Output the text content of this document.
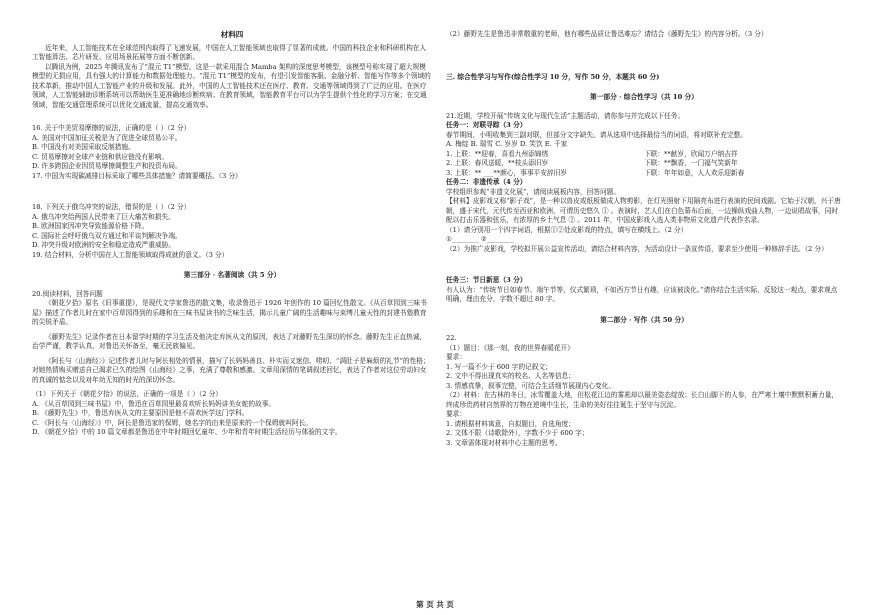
材料四

近年来，人工智能技术在全球范围内取得了飞速发展，中国在人工智能领域也取得了显著的成就。中国的科技企业和科研机构在人工智能算法、芯片研发、应用场景拓展等方面不断创新。

以腾讯为例，2025 年腾讯发布了“混元 T1”模型，这是一款采用混合 Mamba 架构的深度思考模型，该模型号称实现了超大规模模型的无损应用，具有强大的计算能力和数据处理能力。“混元 T1”模型的发布，有望引发智能客服、金融分析、智能写作等多个领域的技术革新，推动中国人工智能产业的升级和发展。此外，中国的人工智能技术还在医疗、教育、交通等领域得到了广泛的应用。在医疗领域，人工智能辅助诊断系统可以帮助医生更准确地诊断疾病；在教育领域，智能教育平台可以为学生提供个性化的学习方案；在交通领域，智能交通管理系统可以优化交通流量，提高交通效率。

16. 关于中美贸易摩擦的说法，正确的是（ ）（2 分）

A. 美国对中国加征关税是为了促进全球贸易公平。

B. 中国没有对美国采取反制措施。

C. 贸易摩擦对全球产业链和供应链没有影响。

D. 许多跨国企业因贸易摩擦调整生产和投资布局。

17. 中国为实现碳减排目标采取了哪些具体措施？请简要概括。（3 分）

18. 下列关于俄乌冲突的说法，错误的是（ ）（2 分）

A. 俄乌冲突给两国人民带来了巨大痛苦和损失。

B. 欧洲国家因冲突导致能源价格下降。

C. 国际社会呼吁俄乌双方通过和平谈判解决争端。

D. 冲突升级对欧洲的安全和稳定造成严重威胁。

19. 结合材料，分析中国在人工智能领域取得成就的意义。（3 分）

第三部分 · 名著阅读（共 5 分）

20.阅读材料，回答问题

《朝花夕拾》原名《旧事重提》，是现代文学家鲁迅的散文集，收录鲁迅于 1926 年创作的 10 篇回忆性散文。《从百草园到三味书屋》描述了作者儿时在家中百草园得到的乐趣和在三味书屋读书的乏味生活，揭示儿童广阔的生活趣味与束缚儿童天性的封建书塾教育的尖锐矛盾。

《藤野先生》记录作者在日本留学时期的学习生活及他决定弃医从文的原因，表达了对藤野先生深切的怀念。藤野先生正直热诚，治学严谨，教学认真，对鲁迅关怀备至，毫无民族偏见。

《阿长与〈山海经〉》记述作者儿时与阿长相处的情景，描写了长妈妈善良、朴实而又迷信、唠叨、“满肚子是麻烦的礼节”的性格；对她热情购买赠送自己渴求已久的绘图《山海经》之事，充满了尊敬和感激。文章用深情的笔调叙述回忆，表达了作者对这位劳动妇女的真诚的惦念以及对年幼无知的时光的深切怀念。

（1）下列关于《朝花夕拾》的说法，正确的一项是（ ）（2 分）

A. 《从百草园到三味书屋》中，鲁迅在百草园里最喜欢听长妈妈讲美女蛇的故事。

B. 《藤野先生》中，鲁迅弃医从文的主要原因是他不喜欢医学这门学科。

C. 《阿长与〈山海经〉》中，阿长是鲁迅家的保姆，她名字的由来是原来的一个保姆就叫阿长。

D. 《朝花夕拾》中的 10 篇文章都是鲁迅在中年时期回忆童年、少年和青年时期生活经历与体验的文字。

（2）藤野先生是鲁迅非常敬重的老师，他有哪些品质让鲁迅难忘？请结合《藤野先生》的内容分析。（3 分）

三. 综合性学习与写作(综合性学习 10 分，写作 50 分，本题共 60 分)

第一部分 · 综合性学习（共 10 分）

21.近期，学校开展“传统文化与现代生活”主题活动，请你参与并完成以下任务。

任务一：对联寻踪（3 分）

春节期间，小明收集到三副对联，但部分文字缺失。请从选项中选择最恰当的词语，将对联补充完整。

A. 梅绽 B. 瑞雪 C. 岁岁 D. 笑饮 E. 千家

1. 上联：**迎春，喜看九州添锦绣	下联：**献岁，欣闻万户纳吉祥
2. 上联：春风送暖，**枝头添旧岁	下联：**飘香，一门福气笑新年
3. 上联：** ___**颜心，事事平安辞旧岁	下联：年年如意，人人欢乐迎新春

任务二：非遗传承（4 分）

学校组织参观“非遗文化展”，请阅读展板内容，回答问题。

【材料】皮影戏又称“影子戏”，是一种以兽皮或纸板做成人物剪影，在灯光照射下用隔亮布进行表演的民间戏剧。它始于汉朝，兴于唐朝，盛于宋代，元代传至西亚和欧洲，可谓历史悠久 ① 。表演时，艺人们在白色幕布后面，一边操纵戏曲人物，一边说唱故事，同时配以打击乐器和弦乐，有浓厚的乡土气息 ② 。2011 年，中国皮影戏入选人类非物质文化遗产代表作名录。

（1）请分别用一个四字词语，根据①②处皮影戏的特点，填写在横线上。（2 分）

①________ ②________

（2）为推广皮影戏，学校拟开展公益宣传活动，请结合材料内容，为活动设计一条宣传语，要求至少使用一种修辞手法。（2 分）

任务三：节日新思（3 分）

有人认为：“传统节日如春节、端午节等，仪式繁琐，不如西方节日有趣，应该被淡化。”请你结合生活实际，反驳这一观点，要求观点明确，理由充分，字数不超过 80 字。

第二部分 · 写作（共 50 分）

22.

（1）题目：《那一刻，我的世界春暖花开》

要求：

1. 写一篇不少于 600 字的记叙文；

2. 文中不得出现真实的校名、人名等信息；

3. 情感真挚，叙事完整，可结合生活细节展现内心变化。

（2）材料：在古林的冬日，冰雪覆盖大地，但松花江边的雾凇却以最美姿态绽放；长白山脚下的人参，在严寒土壤中默默积蓄力量，终成珍贵药材自然界的万物在逆境中生长，生命的美好往往诞生于坚守与沉淀。

要求：

1. 请根据材料寓意，自拟题目，自选角度；

2. 文体不限（诗歌除外），字数不少于 600 字；

3. 文章需体现对材料中心主题的思考。

第 页 共 页
